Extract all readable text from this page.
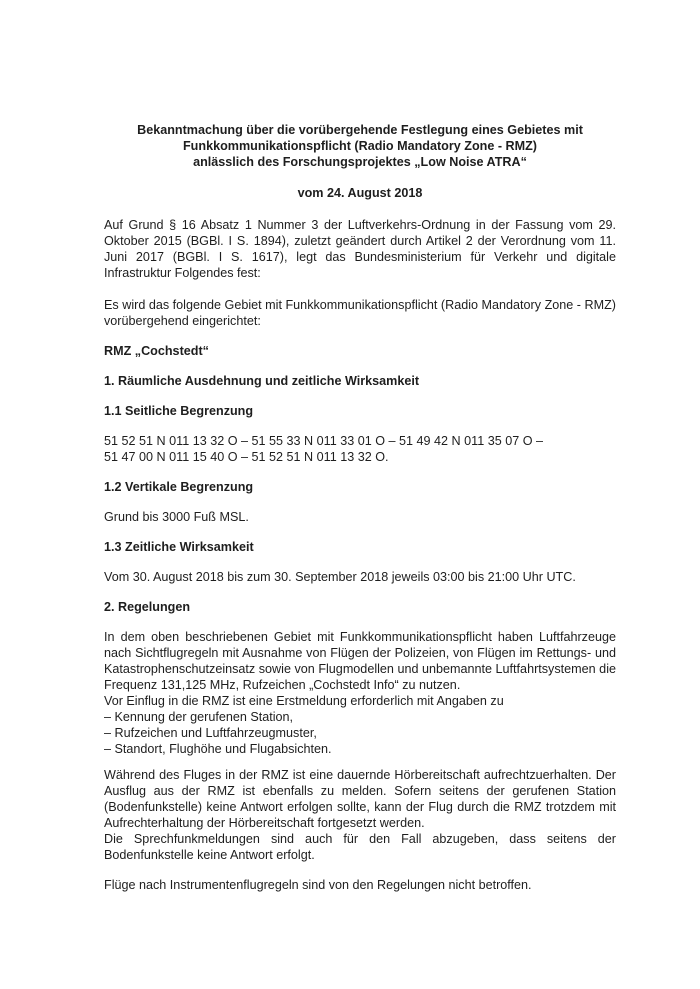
Bekanntmachung über die vorübergehende Festlegung eines Gebietes mit

Funkkommunikationspflicht (Radio Mandatory Zone - RMZ)

anlässlich des Forschungsprojektes „Low Noise ATRA“

vom 24. August 2018

Auf Grund § 16 Absatz 1 Nummer 3 der Luftverkehrs-Ordnung in der Fassung vom 29. Oktober 2015 (BGBl. I S. 1894), zuletzt geändert durch Artikel 2 der Verordnung vom 11. Juni 2017 (BGBl. I S. 1617), legt das Bundesministerium für Verkehr und digitale Infrastruktur Folgendes fest:

Es wird das folgende Gebiet mit Funkkommunikationspflicht (Radio Mandatory Zone - RMZ) vorübergehend eingerichtet:

RMZ „Cochstedt“

1. Räumliche Ausdehnung und zeitliche Wirksamkeit

1.1 Seitliche Begrenzung

51 52 51 N 011 13 32 O – 51 55 33 N 011 33 01 O – 51 49 42 N 011 35 07 O –

51 47 00 N 011 15 40 O – 51 52 51 N 011 13 32 O.

1.2 Vertikale Begrenzung

Grund bis 3000 Fuß MSL.

1.3 Zeitliche Wirksamkeit

Vom 30. August 2018 bis zum 30. September 2018 jeweils 03:00 bis 21:00 Uhr UTC.

2. Regelungen

In dem oben beschriebenen Gebiet mit Funkkommunikationspflicht haben Luftfahrzeuge nach Sichtflugregeln mit Ausnahme von Flügen der Polizeien, von Flügen im Rettungs- und Katastrophenschutzeinsatz sowie von Flugmodellen und unbemannte Luftfahrtsystemen die Frequenz 131,125 MHz, Rufzeichen „Cochstedt Info“ zu nutzen.

Vor Einflug in die RMZ ist eine Erstmeldung erforderlich mit Angaben zu

– Kennung der gerufenen Station,
– Rufzeichen und Luftfahrzeugmuster,
– Standort, Flughöhe und Flugabsichten.

Während des Fluges in der RMZ ist eine dauernde Hörbereitschaft aufrechtzuerhalten. Der Ausflug aus der RMZ ist ebenfalls zu melden. Sofern seitens der gerufenen Station (Bodenfunkstelle) keine Antwort erfolgen sollte, kann der Flug durch die RMZ trotzdem mit Aufrechterhaltung der Hörbereitschaft fortgesetzt werden.

Die Sprechfunkmeldungen sind auch für den Fall abzugeben, dass seitens der Bodenfunkstelle keine Antwort erfolgt.

Flüge nach Instrumentenflugregeln sind von den Regelungen nicht betroffen.
